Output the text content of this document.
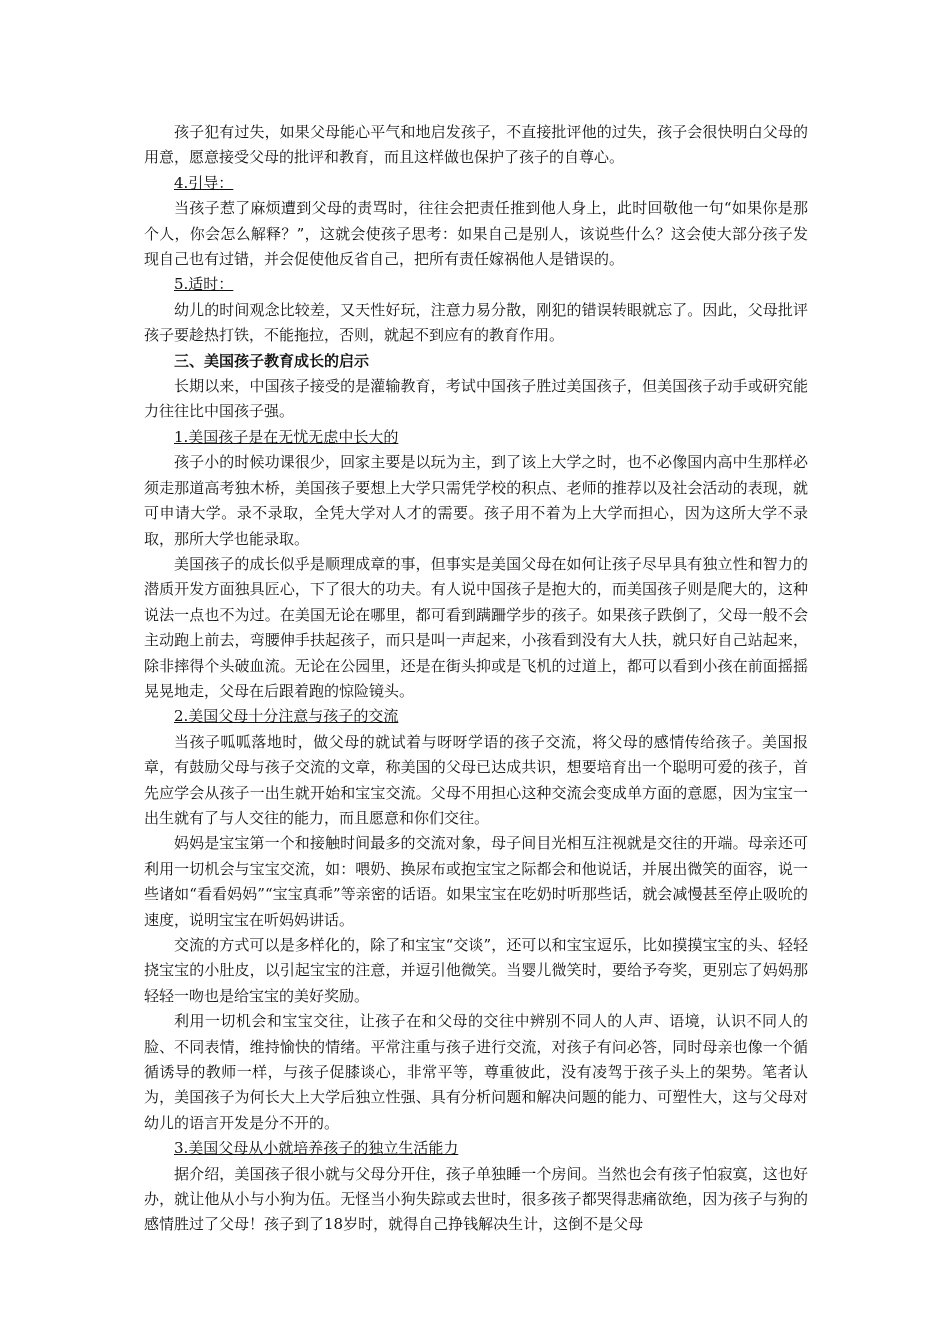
孩子犯有过失，如果父母能心平气和地启发孩子，不直接批评他的过失，孩子会很快明白父母的用意，愿意接受父母的批评和教育，而且这样做也保护了孩子的自尊心。

4.引导：

当孩子惹了麻烦遭到父母的责骂时，往往会把责任推到他人身上，此时回敬他一句“如果你是那个人，你会怎么解释？”，这就会使孩子思考：如果自己是别人，该说些什么？这会使大部分孩子发现自己也有过错，并会促使他反省自己，把所有责任嫁祸他人是错误的。

5.适时：

幼儿的时间观念比较差，又天性好玩，注意力易分散，刚犯的错误转眼就忘了。因此，父母批评孩子要趁热打铁，不能拖拉，否则，就起不到应有的教育作用。

三、美国孩子教育成长的启示

长期以来，中国孩子接受的是灌输教育，考试中国孩子胜过美国孩子，但美国孩子动手或研究能力往往比中国孩子强。

1.美国孩子是在无忧无虑中长大的

孩子小的时候功课很少，回家主要是以玩为主，到了该上大学之时，也不必像国内高中生那样必须走那道高考独木桥，美国孩子要想上大学只需凭学校的积点、老师的推荐以及社会活动的表现，就可申请大学。录不录取，全凭大学对人才的需要。孩子用不着为上大学而担心，因为这所大学不录取，那所大学也能录取。

美国孩子的成长似乎是顺理成章的事，但事实是美国父母在如何让孩子尽早具有独立性和智力的潜质开发方面独具匠心，下了很大的功夫。有人说中国孩子是抱大的，而美国孩子则是爬大的，这种说法一点也不为过。在美国无论在哪里，都可看到蹒跚学步的孩子。如果孩子跌倒了，父母一般不会主动跑上前去，弯腰伸手扶起孩子，而只是叫一声起来，小孩看到没有大人扶，就只好自己站起来，除非摔得个头破血流。无论在公园里，还是在街头抑或是飞机的过道上，都可以看到小孩在前面摇摇晃晃地走，父母在后跟着跑的惊险镜头。

2.美国父母十分注意与孩子的交流

当孩子呱呱落地时，做父母的就试着与呀呀学语的孩子交流，将父母的感情传给孩子。美国报章，有鼓励父母与孩子交流的文章，称美国的父母已达成共识，想要培育出一个聪明可爱的孩子，首先应学会从孩子一出生就开始和宝宝交流。父母不用担心这种交流会变成单方面的意愿，因为宝宝一出生就有了与人交往的能力，而且愿意和你们交往。

妈妈是宝宝第一个和接触时间最多的交流对象，母子间目光相互注视就是交往的开端。母亲还可利用一切机会与宝宝交流，如：喂奶、换尿布或抱宝宝之际都会和他说话，并展出微笑的面容，说一些诸如“看看妈妈”“宝宝真乖”等亲密的话语。如果宝宝在吃奶时听那些话，就会减慢甚至停止吸吮的速度，说明宝宝在听妈妈讲话。

交流的方式可以是多样化的，除了和宝宝“交谈”，还可以和宝宝逗乐，比如摸摸宝宝的头、轻轻挠宝宝的小肚皮，以引起宝宝的注意，并逗引他微笑。当婴儿微笑时，要给予夸奖，更别忘了妈妈那轻轻一吻也是给宝宝的美好奖励。

利用一切机会和宝宝交往，让孩子在和父母的交往中辨别不同人的人声、语境，认识不同人的脸、不同表情，维持愉快的情绪。平常注重与孩子进行交流，对孩子有问必答，同时母亲也像一个循循诱导的教师一样，与孩子促膝谈心，非常平等，尊重彼此，没有凌驾于孩子头上的架势。笔者认为，美国孩子为何长大上大学后独立性强、具有分析问题和解决问题的能力、可塑性大，这与父母对幼儿的语言开发是分不开的。

3.美国父母从小就培养孩子的独立生活能力

据介绍，美国孩子很小就与父母分开住，孩子单独睡一个房间。当然也会有孩子怕寂寞，这也好办，就让他从小与小狗为伍。无怪当小狗失踪或去世时，很多孩子都哭得悲痛欲绝，因为孩子与狗的感情胜过了父母！孩子到了18岁时，就得自己挣钱解决生计，这倒不是父母
